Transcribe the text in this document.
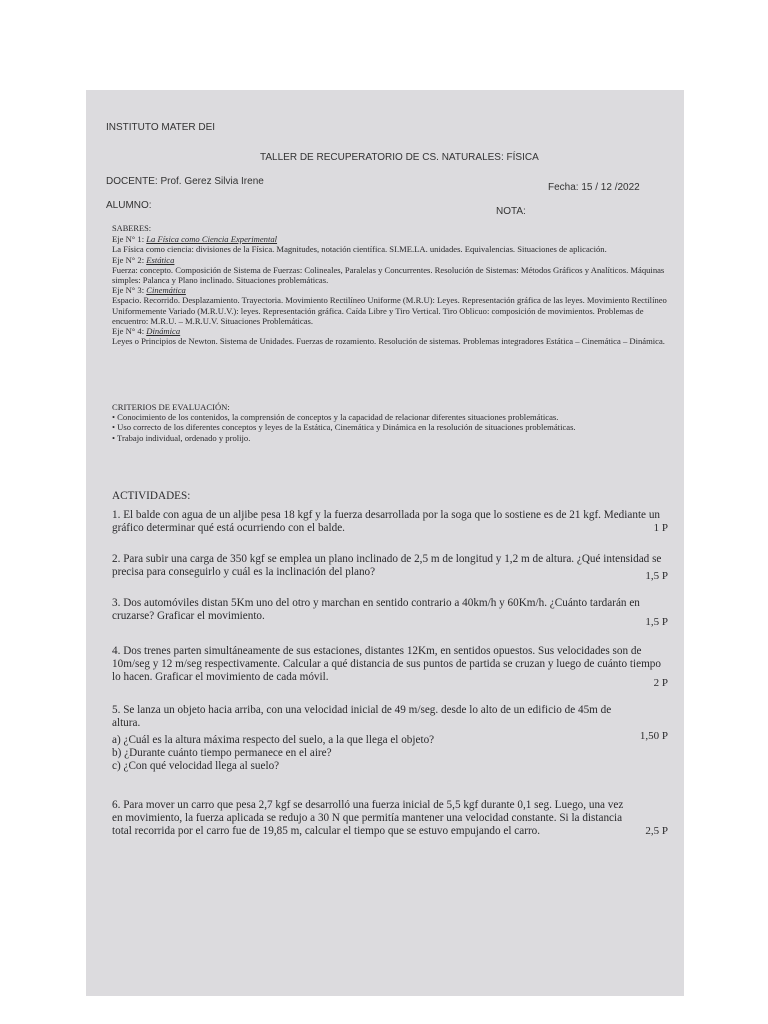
INSTITUTO MATER DEI
TALLER DE RECUPERATORIO DE CS. NATURALES: FÍSICA
DOCENTE: Prof. Gerez Silvia Irene
Fecha: 15 / 12 /2022
ALUMNO:
NOTA:

SABERES:

Eje N° 1: La Física como Ciencia Experimental

La Física como ciencia: divisiones de la Física. Magnitudes, notación científica. SI.ME.LA. unidades. Equivalencias. Situaciones de aplicación.

Eje N° 2: Estática

Fuerza: concepto. Composición de Sistema de Fuerzas: Colineales, Paralelas y Concurrentes. Resolución de Sistemas: Métodos Gráficos y Analíticos. Máquinas simples: Palanca y Plano inclinado. Situaciones problemáticas.

Eje N° 3: Cinemática

Espacio. Recorrido. Desplazamiento. Trayectoria. Movimiento Rectilíneo Uniforme (M.R.U): Leyes. Representación gráfica de las leyes. Movimiento Rectilíneo Uniformemente Variado (M.R.U.V.): leyes. Representación gráfica. Caída Libre y Tiro Vertical. Tiro Oblicuo: composición de movimientos. Problemas de encuentro: M.R.U. – M.R.U.V. Situaciones Problemáticas.

Eje N° 4: Dinámica

Leyes o Principios de Newton. Sistema de Unidades. Fuerzas de rozamiento. Resolución de sistemas. Problemas integradores Estática – Cinemática – Dinámica.

CRITERIOS DE EVALUACIÓN:

• Conocimiento de los contenidos, la comprensión de conceptos y la capacidad de relacionar diferentes situaciones problemáticas.

• Uso correcto de los diferentes conceptos y leyes de la Estática, Cinemática y Dinámica en la resolución de situaciones problemáticas.

• Trabajo individual, ordenado y prolijo.

ACTIVIDADES:

1. El balde con agua de un aljibe pesa 18 kgf y la fuerza desarrollada por la soga que lo sostiene es de 21 kgf. Mediante un gráfico determinar qué está ocurriendo con el balde.	1 P

2. Para subir una carga de 350 kgf se emplea un plano inclinado de 2,5 m de longitud y 1,2 m de altura. ¿Qué intensidad se precisa para conseguirlo y cuál es la inclinación del plano?	1,5 P

3. Dos automóviles distan 5Km uno del otro y marchan en sentido contrario a 40km/h y 60Km/h. ¿Cuánto tardarán en cruzarse? Graficar el movimiento.	1,5 P

4. Dos trenes parten simultáneamente de sus estaciones, distantes 12Km, en sentidos opuestos. Sus velocidades son de 10m/seg y 12 m/seg respectivamente. Calcular a qué distancia de sus puntos de partida se cruzan y luego de cuánto tiempo lo hacen. Graficar el movimiento de cada móvil.	2 P

5. Se lanza un objeto hacia arriba, con una velocidad inicial de 49 m/seg. desde lo alto de un edificio de 45m de altura.

1,50 P

a) ¿Cuál es la altura máxima respecto del suelo, a la que llega el objeto?

b) ¿Durante cuánto tiempo permanece en el aire?

c) ¿Con qué velocidad llega al suelo?

6. Para mover un carro que pesa 2,7 kgf se desarrolló una fuerza inicial de 5,5 kgf durante 0,1 seg. Luego, una vez en movimiento, la fuerza aplicada se redujo a 30 N que permitía mantener una velocidad constante. Si la distancia total recorrida por el carro fue de 19,85 m, calcular el tiempo que se estuvo empujando el carro.	2,5 P
